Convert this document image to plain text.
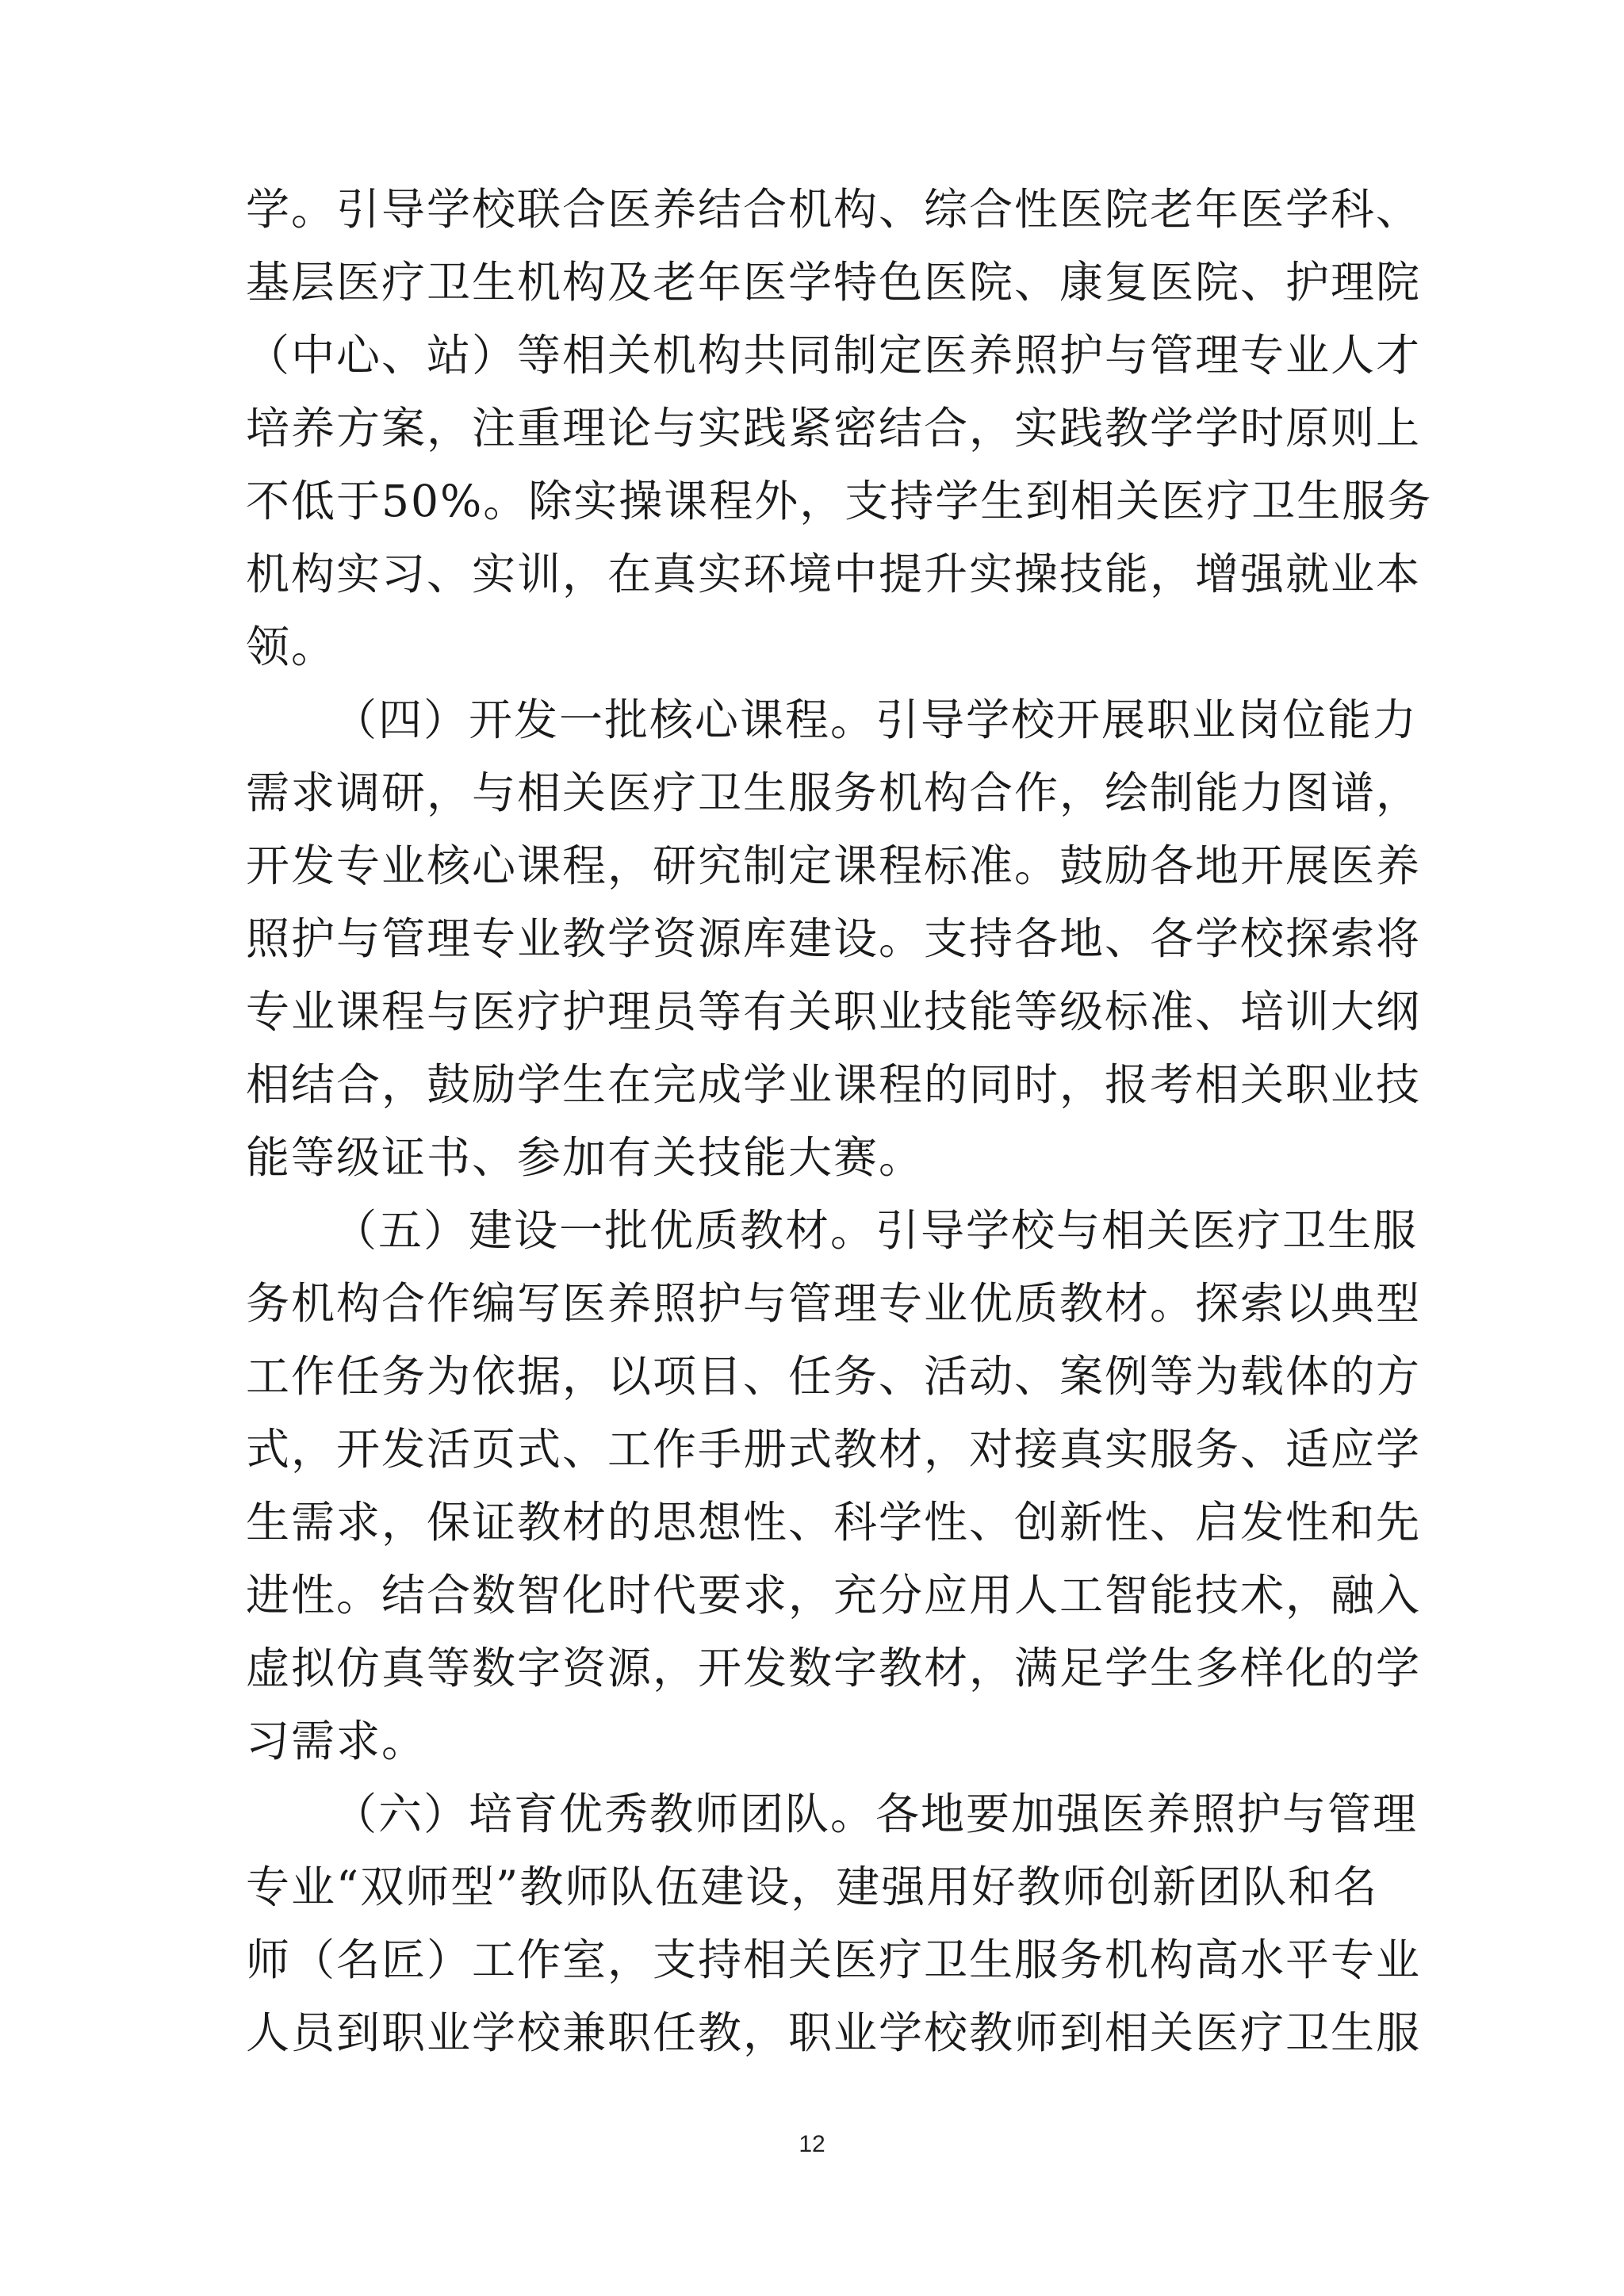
学。引导学校联合医养结合机构、综合性医院老年医学科、
基层医疗卫生机构及老年医学特色医院、康复医院、护理院
（中心、站）等相关机构共同制定医养照护与管理专业人才
培养方案，注重理论与实践紧密结合，实践教学学时原则上
不低于50%。除实操课程外，支持学生到相关医疗卫生服务
机构实习、实训，在真实环境中提升实操技能，增强就业本
领。
（四）开发一批核心课程。引导学校开展职业岗位能力
需求调研，与相关医疗卫生服务机构合作，绘制能力图谱，
开发专业核心课程，研究制定课程标准。鼓励各地开展医养
照护与管理专业教学资源库建设。支持各地、各学校探索将
专业课程与医疗护理员等有关职业技能等级标准、培训大纲
相结合，鼓励学生在完成学业课程的同时，报考相关职业技
能等级证书、参加有关技能大赛。
（五）建设一批优质教材。引导学校与相关医疗卫生服
务机构合作编写医养照护与管理专业优质教材。探索以典型
工作任务为依据，以项目、任务、活动、案例等为载体的方
式，开发活页式、工作手册式教材，对接真实服务、适应学
生需求，保证教材的思想性、科学性、创新性、启发性和先
进性。结合数智化时代要求，充分应用人工智能技术，融入
虚拟仿真等数字资源，开发数字教材，满足学生多样化的学
习需求。
（六）培育优秀教师团队。各地要加强医养照护与管理
专业“双师型”教师队伍建设，建强用好教师创新团队和名
师（名匠）工作室，支持相关医疗卫生服务机构高水平专业
人员到职业学校兼职任教，职业学校教师到相关医疗卫生服
12
